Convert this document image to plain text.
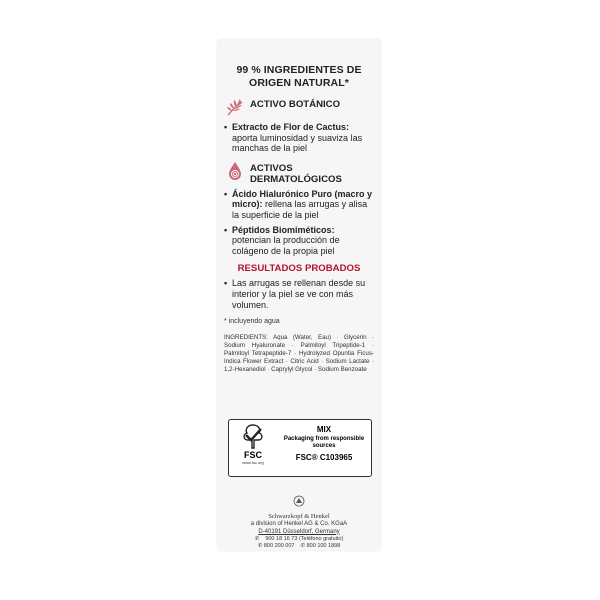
99 % INGREDIENTES DE ORIGEN NATURAL*
ACTIVO BOTÁNICO
• Extracto de Flor de Cactus:
aporta luminosidad y suaviza las manchas de la piel
ACTIVOS DERMATOLÓGICOS
• Ácido Hialurónico Puro (macro y micro): rellena las arrugas y alisa la superficie de la piel
• Péptidos Biomiméticos:
potencian la producción de colágeno de la propia piel
RESULTADOS PROBADOS
• Las arrugas se rellenan desde su interior y la piel se ve con más volumen.
* incluyendo agua
INGREDIENTS: Aqua (Water, Eau) · Glycerin · Sodium Hyaluronate · Palmitoyl Tripeptide-1 · Palmitoyl Tetrapeptide-7 · Hydrolyzed Opuntia Ficus-Indica Flower Extract · Citric Acid · Sodium Lactate · 1,2-Hexanediol · Caprylyl Glycol · Sodium Benzoate
FSC
www.fsc.org
MIX
Packaging from responsible sources
FSC® C103965
Schwarzkopf & Henkel
a division of Henkel AG & Co. KGaA
D-40191 Düsseldorf, Germany
✆ 900 18 16 73 (Teléfono gratuito)
✆ 800 200 007 ✆ 800 100 1898
